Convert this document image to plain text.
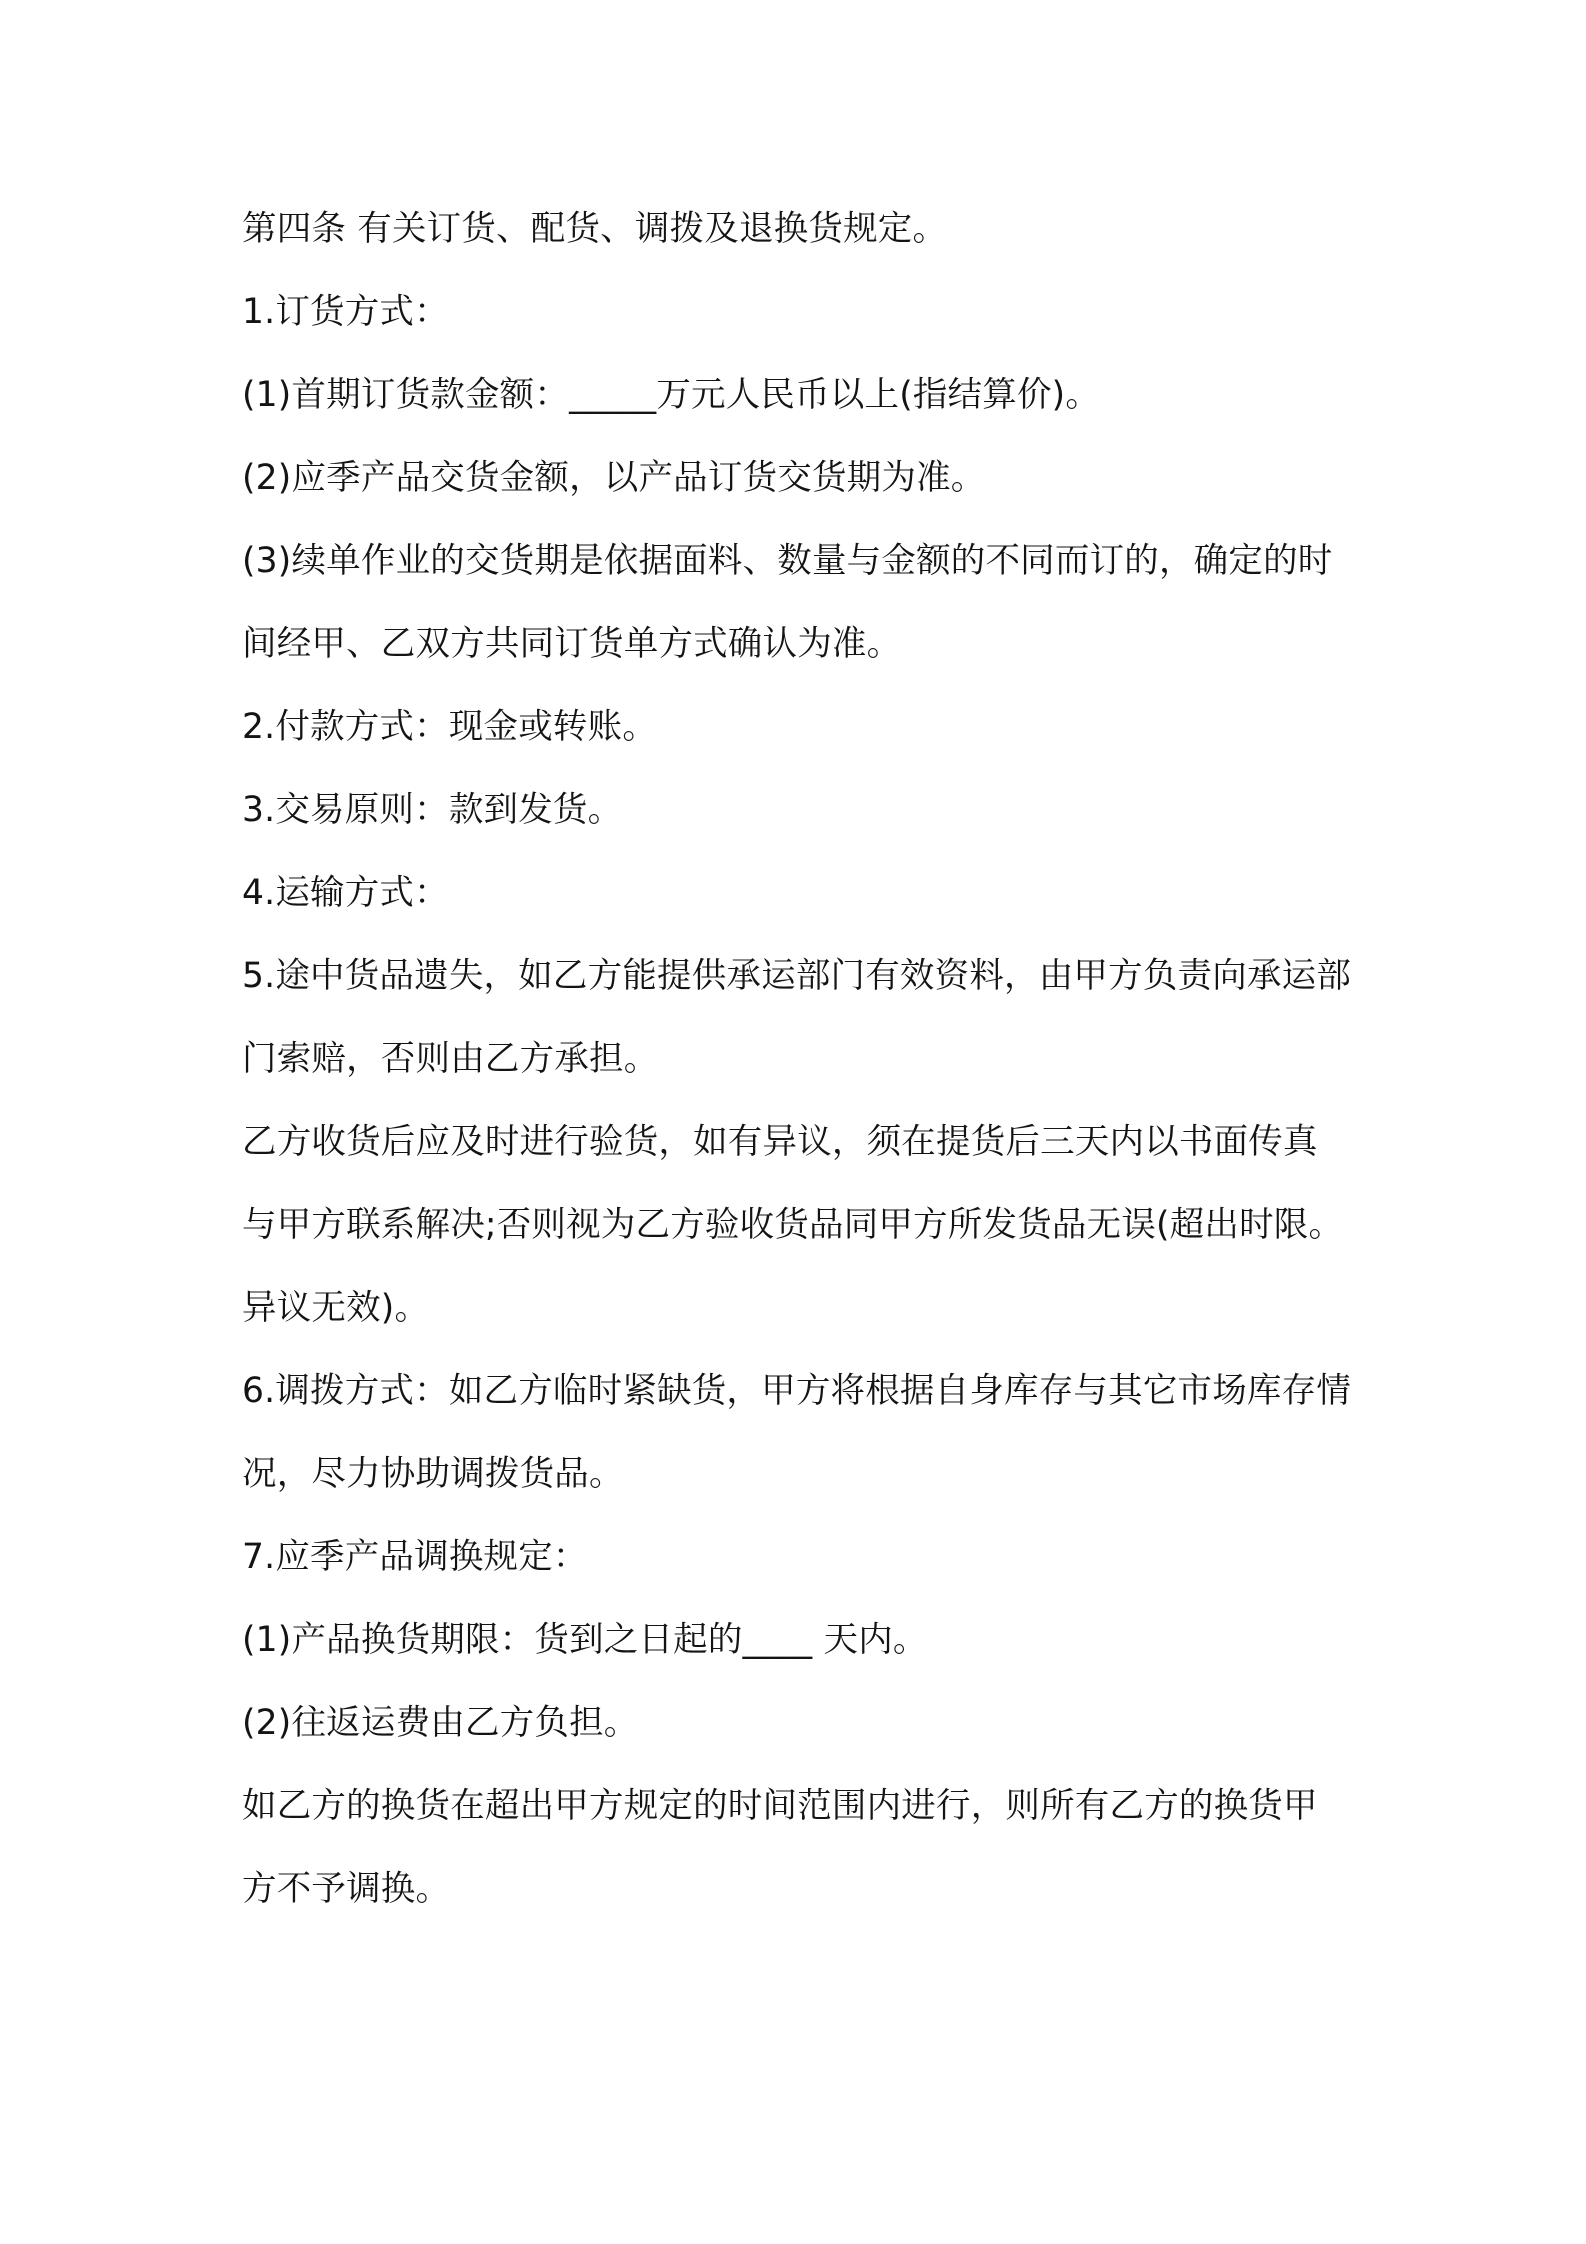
第四条 有关订货、配货、调拨及退换货规定。

1.订货方式：

(1)首期订货款金额：_____万元人民币以上(指结算价)。

(2)应季产品交货金额，以产品订货交货期为准。

(3)续单作业的交货期是依据面料、数量与金额的不同而订的，确定的时间经甲、乙双方共同订货单方式确认为准。

2.付款方式：现金或转账。

3.交易原则：款到发货。

4.运输方式：

5.途中货品遗失，如乙方能提供承运部门有效资料，由甲方负责向承运部门索赔，否则由乙方承担。

乙方收货后应及时进行验货，如有异议，须在提货后三天内以书面传真与甲方联系解决;否则视为乙方验收货品同甲方所发货品无误(超出时限。

异议无效)。

6.调拨方式：如乙方临时紧缺货，甲方将根据自身库存与其它市场库存情况，尽力协助调拨货品。

7.应季产品调换规定：

(1)产品换货期限：货到之日起的____ 天内。

(2)往返运费由乙方负担。

如乙方的换货在超出甲方规定的时间范围内进行，则所有乙方的换货甲方不予调换。
